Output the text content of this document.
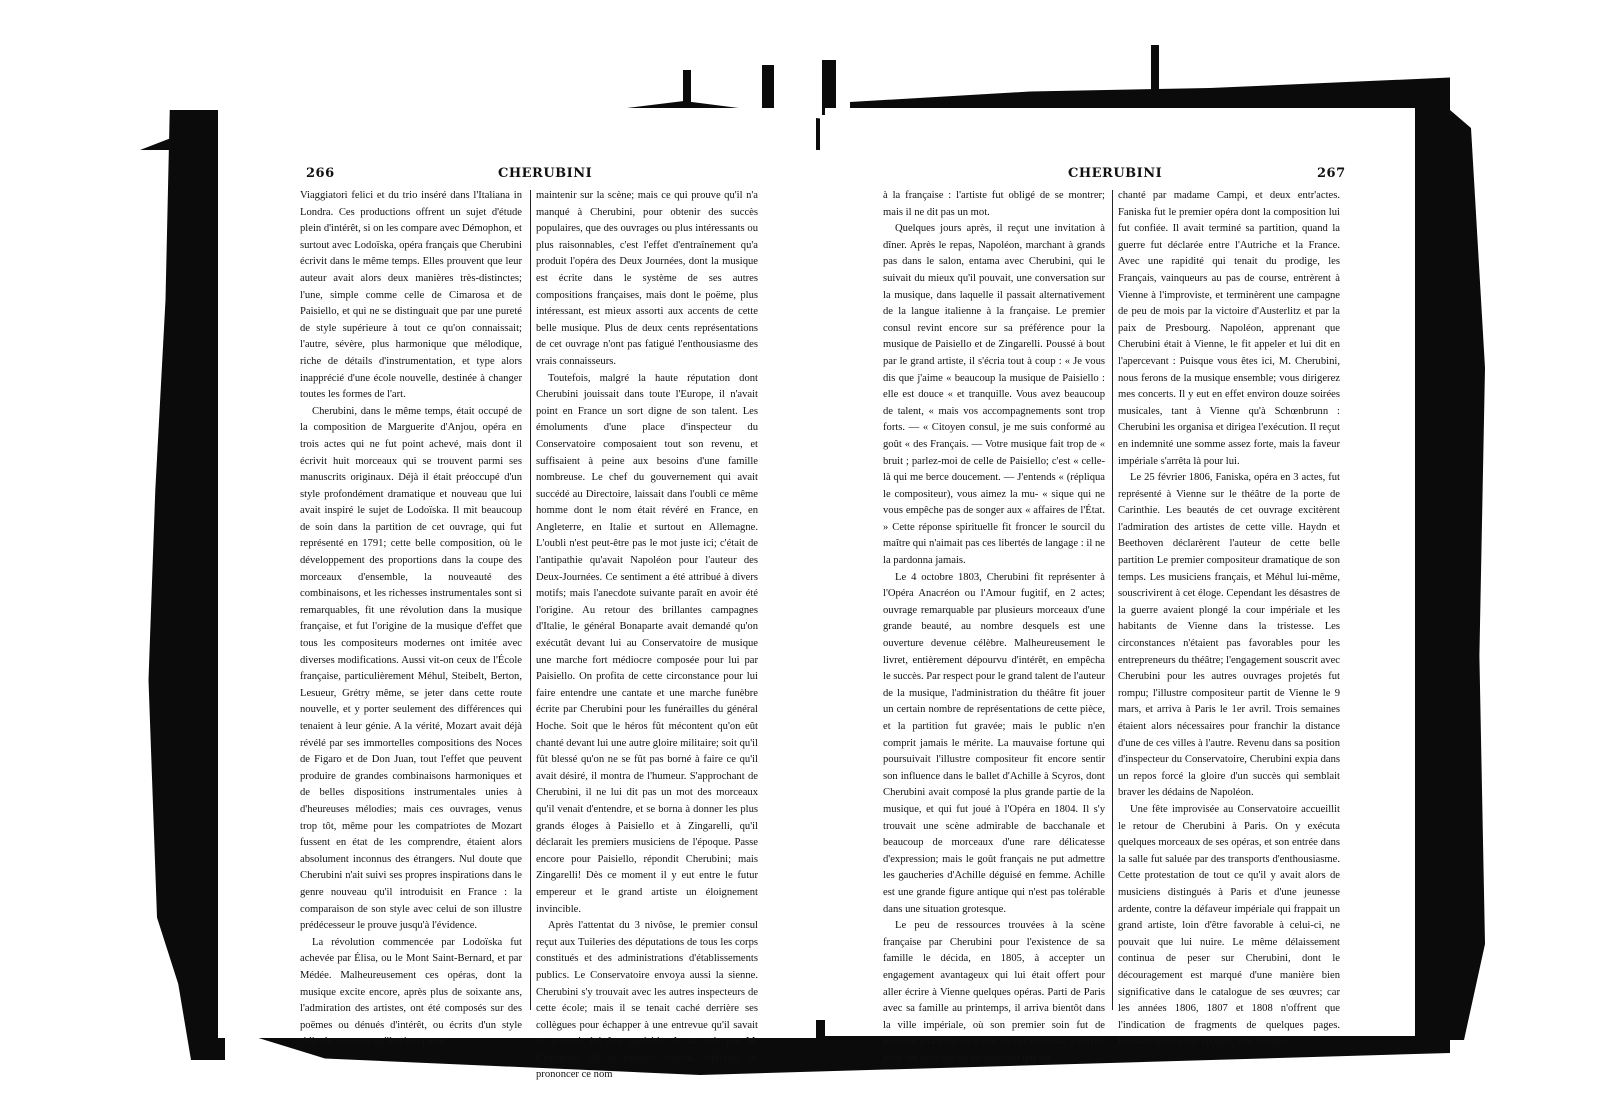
266	CHERUBINI

Viaggiatori felici et du trio inséré dans l'Italiana in Londra. Ces productions offrent un sujet d'étude plein d'intérêt, si on les compare avec Démophon, et surtout avec Lodoïska, opéra français que Cherubini écrivit dans le même temps. Elles prouvent que leur auteur avait alors deux manières très-distinctes; l'une, simple comme celle de Cimarosa et de Paisiello, et qui ne se distinguait que par une pureté de style supérieure à tout ce qu'on connaissait; l'autre, sévère, plus harmonique que mélodique, riche de détails d'instrumentation, et type alors inapprécié d'une école nouvelle, destinée à changer toutes les formes de l'art.

Cherubini, dans le même temps, était occupé de la composition de Marguerite d'Anjou, opéra en trois actes qui ne fut point achevé, mais dont il écrivit huit morceaux qui se trouvent parmi ses manuscrits originaux. Déjà il était préoccupé d'un style profondément dramatique et nouveau que lui avait inspiré le sujet de Lodoïska. Il mit beaucoup de soin dans la partition de cet ouvrage, qui fut représenté en 1791; cette belle composition, où le développement des proportions dans la coupe des morceaux d'ensemble, la nouveauté des combinaisons, et les richesses instrumentales sont si remarquables, fit une révolution dans la musique française, et fut l'origine de la musique d'effet que tous les compositeurs modernes ont imitée avec diverses modifications. Aussi vit-on ceux de l'École française, particulièrement Méhul, Steibelt, Berton, Lesueur, Grétry même, se jeter dans cette route nouvelle, et y porter seulement des différences qui tenaient à leur génie. A la vérité, Mozart avait déjà révélé par ses immortelles compositions des Noces de Figaro et de Don Juan, tout l'effet que peuvent produire de grandes combinaisons harmoniques et de belles dispositions instrumentales unies à d'heureuses mélodies; mais ces ouvrages, venus trop tôt, même pour les compatriotes de Mozart fussent en état de les comprendre, étaient alors absolument inconnus des étrangers. Nul doute que Cherubini n'ait suivi ses propres inspirations dans le genre nouveau qu'il introduisit en France : la comparaison de son style avec celui de son illustre prédécesseur le prouve jusqu'à l'évidence.

La révolution commencée par Lodoïska fut achevée par Élisa, ou le Mont Saint-Bernard, et par Médée. Malheureusement ces opéras, dont la musique excite encore, après plus de soixante ans, l'admiration des artistes, ont été composés sur des poëmes ou dénués d'intérêt, ou écrits d'un style ridicule; en sorte qu'ils n'ont pu se

maintenir sur la scène; mais ce qui prouve qu'il n'a manqué à Cherubini, pour obtenir des succès populaires, que des ouvrages ou plus intéressants ou plus raisonnables, c'est l'effet d'entraînement qu'a produit l'opéra des Deux Journées, dont la musique est écrite dans le système de ses autres compositions françaises, mais dont le poëme, plus intéressant, est mieux assorti aux accents de cette belle musique. Plus de deux cents représentations de cet ouvrage n'ont pas fatigué l'enthousiasme des vrais connaisseurs.

Toutefois, malgré la haute réputation dont Cherubini jouissait dans toute l'Europe, il n'avait point en France un sort digne de son talent. Les émoluments d'une place d'inspecteur du Conservatoire composaient tout son revenu, et suffisaient à peine aux besoins d'une famille nombreuse. Le chef du gouvernement qui avait succédé au Directoire, laissait dans l'oubli ce même homme dont le nom était révéré en France, en Angleterre, en Italie et surtout en Allemagne. L'oubli n'est peut-être pas le mot juste ici; c'était de l'antipathie qu'avait Napoléon pour l'auteur des Deux-Journées. Ce sentiment a été attribué à divers motifs; mais l'anecdote suivante paraît en avoir été l'origine. Au retour des brillantes campagnes d'Italie, le général Bonaparte avait demandé qu'on exécutât devant lui au Conservatoire de musique une marche fort médiocre composée pour lui par Paisiello. On profita de cette circonstance pour lui faire entendre une cantate et une marche funèbre écrite par Cherubini pour les funérailles du général Hoche. Soit que le héros fût mécontent qu'on eût chanté devant lui une autre gloire militaire; soit qu'il fût blessé qu'on ne se fût pas borné à faire ce qu'il avait désiré, il montra de l'humeur. S'approchant de Cherubini, il ne lui dit pas un mot des morceaux qu'il venait d'entendre, et se borna à donner les plus grands éloges à Paisiello et à Zingarelli, qu'il déclarait les premiers musiciens de l'époque. Passe encore pour Paisiello, répondit Cherubini; mais Zingarelli! Dès ce moment il y eut entre le futur empereur et le grand artiste un éloignement invincible.

Après l'attentat du 3 nivôse, le premier consul reçut aux Tuileries des députations de tous les corps constitués et des administrations d'établissements publics. Le Conservatoire envoya aussi la sienne. Cherubini s'y trouvait avec les autres inspecteurs de cette école; mais il se tenait caché derrière ses collègues pour échapper à une entrevue qu'il savait ne pouvoir lui être agréable. Je ne vois pas M. Cherubini, dit le premier consul, affectant de prononcer ce nom

CHERUBINI	267

à la française : l'artiste fut obligé de se montrer; mais il ne dit pas un mot.

Quelques jours après, il reçut une invitation à dîner. Après le repas, Napoléon, marchant à grands pas dans le salon, entama avec Cherubini, qui le suivait du mieux qu'il pouvait, une conversation sur la musique, dans laquelle il passait alternativement de la langue italienne à la française. Le premier consul revint encore sur sa préférence pour la musique de Paisiello et de Zingarelli. Poussé à bout par le grand artiste, il s'écria tout à coup : « Je vous dis que j'aime « beaucoup la musique de Paisiello : elle est douce « et tranquille. Vous avez beaucoup de talent, « mais vos accompagnements sont trop forts. — « Citoyen consul, je me suis conformé au goût « des Français. — Votre musique fait trop de « bruit ; parlez-moi de celle de Paisiello; c'est « celle-là qui me berce doucement. — J'entends « (répliqua le compositeur), vous aimez la mu- « sique qui ne vous empêche pas de songer aux « affaires de l'État. » Cette réponse spirituelle fit froncer le sourcil du maître qui n'aimait pas ces libertés de langage : il ne la pardonna jamais.

Le 4 octobre 1803, Cherubini fit représenter à l'Opéra Anacréon ou l'Amour fugitif, en 2 actes; ouvrage remarquable par plusieurs morceaux d'une grande beauté, au nombre desquels est une ouverture devenue célèbre. Malheureusement le livret, entièrement dépourvu d'intérêt, en empêcha le succès. Par respect pour le grand talent de l'auteur de la musique, l'administration du théâtre fit jouer un certain nombre de représentations de cette pièce, et la partition fut gravée; mais le public n'en comprit jamais le mérite. La mauvaise fortune qui poursuivait l'illustre compositeur fit encore sentir son influence dans le ballet d'Achille à Scyros, dont Cherubini avait composé la plus grande partie de la musique, et qui fut joué à l'Opéra en 1804. Il s'y trouvait une scène admirable de bacchanale et beaucoup de morceaux d'une rare délicatesse d'expression; mais le goût français ne put admettre les gaucheries d'Achille déguisé en femme. Achille est une grande figure antique qui n'est pas tolérable dans une situation grotesque.

Le peu de ressources trouvées à la scène française par Cherubini pour l'existence de sa famille le décida, en 1805, à accepter un engagement avantageux qui lui était offert pour aller écrire à Vienne quelques opéras. Parti de Paris avec sa famille au printemps, il arriva bientôt dans la ville impériale, où son premier soin fut de présider à la mise en scène de sa Lodoïska. Il écrivit pour cet ouvrage un air nouveau qui fut

chanté par madame Campi, et deux entr'actes. Faniska fut le premier opéra dont la composition lui fut confiée. Il avait terminé sa partition, quand la guerre fut déclarée entre l'Autriche et la France. Avec une rapidité qui tenait du prodige, les Français, vainqueurs au pas de course, entrèrent à Vienne à l'improviste, et terminèrent une campagne de peu de mois par la victoire d'Austerlitz et par la paix de Presbourg. Napoléon, apprenant que Cherubini était à Vienne, le fit appeler et lui dit en l'apercevant : Puisque vous êtes ici, M. Cherubini, nous ferons de la musique ensemble; vous dirigerez mes concerts. Il y eut en effet environ douze soirées musicales, tant à Vienne qu'à Schœnbrunn : Cherubini les organisa et dirigea l'exécution. Il reçut en indemnité une somme assez forte, mais la faveur impériale s'arrêta là pour lui.

Le 25 février 1806, Faniska, opéra en 3 actes, fut représenté à Vienne sur le théâtre de la porte de Carinthie. Les beautés de cet ouvrage excitèrent l'admiration des artistes de cette ville. Haydn et Beethoven déclarèrent l'auteur de cette belle partition Le premier compositeur dramatique de son temps. Les musiciens français, et Méhul lui-même, souscrivirent à cet éloge. Cependant les désastres de la guerre avaient plongé la cour impériale et les habitants de Vienne dans la tristesse. Les circonstances n'étaient pas favorables pour les entrepreneurs du théâtre; l'engagement souscrit avec Cherubini pour les autres ouvrages projetés fut rompu; l'illustre compositeur partit de Vienne le 9 mars, et arriva à Paris le 1er avril. Trois semaines étaient alors nécessaires pour franchir la distance d'une de ces villes à l'autre. Revenu dans sa position d'inspecteur du Conservatoire, Cherubini expia dans un repos forcé la gloire d'un succès qui semblait braver les dédains de Napoléon.

Une fête improvisée au Conservatoire accueillit le retour de Cherubini à Paris. On y exécuta quelques morceaux de ses opéras, et son entrée dans la salle fut saluée par des transports d'enthousiasme. Cette protestation de tout ce qu'il y avait alors de musiciens distingués à Paris et d'une jeunesse ardente, contre la défaveur impériale qui frappait un grand artiste, loin d'être favorable à celui-ci, ne pouvait que lui nuire. Le même délaissement continua de peser sur Cherubini, dont le découragement est marqué d'une manière bien significative dans le catalogue de ses œuvres; car les années 1806, 1807 et 1808 n'offrent que l'indication de fragments de quelques pages. Pendant toute cette époque, une occupa-
